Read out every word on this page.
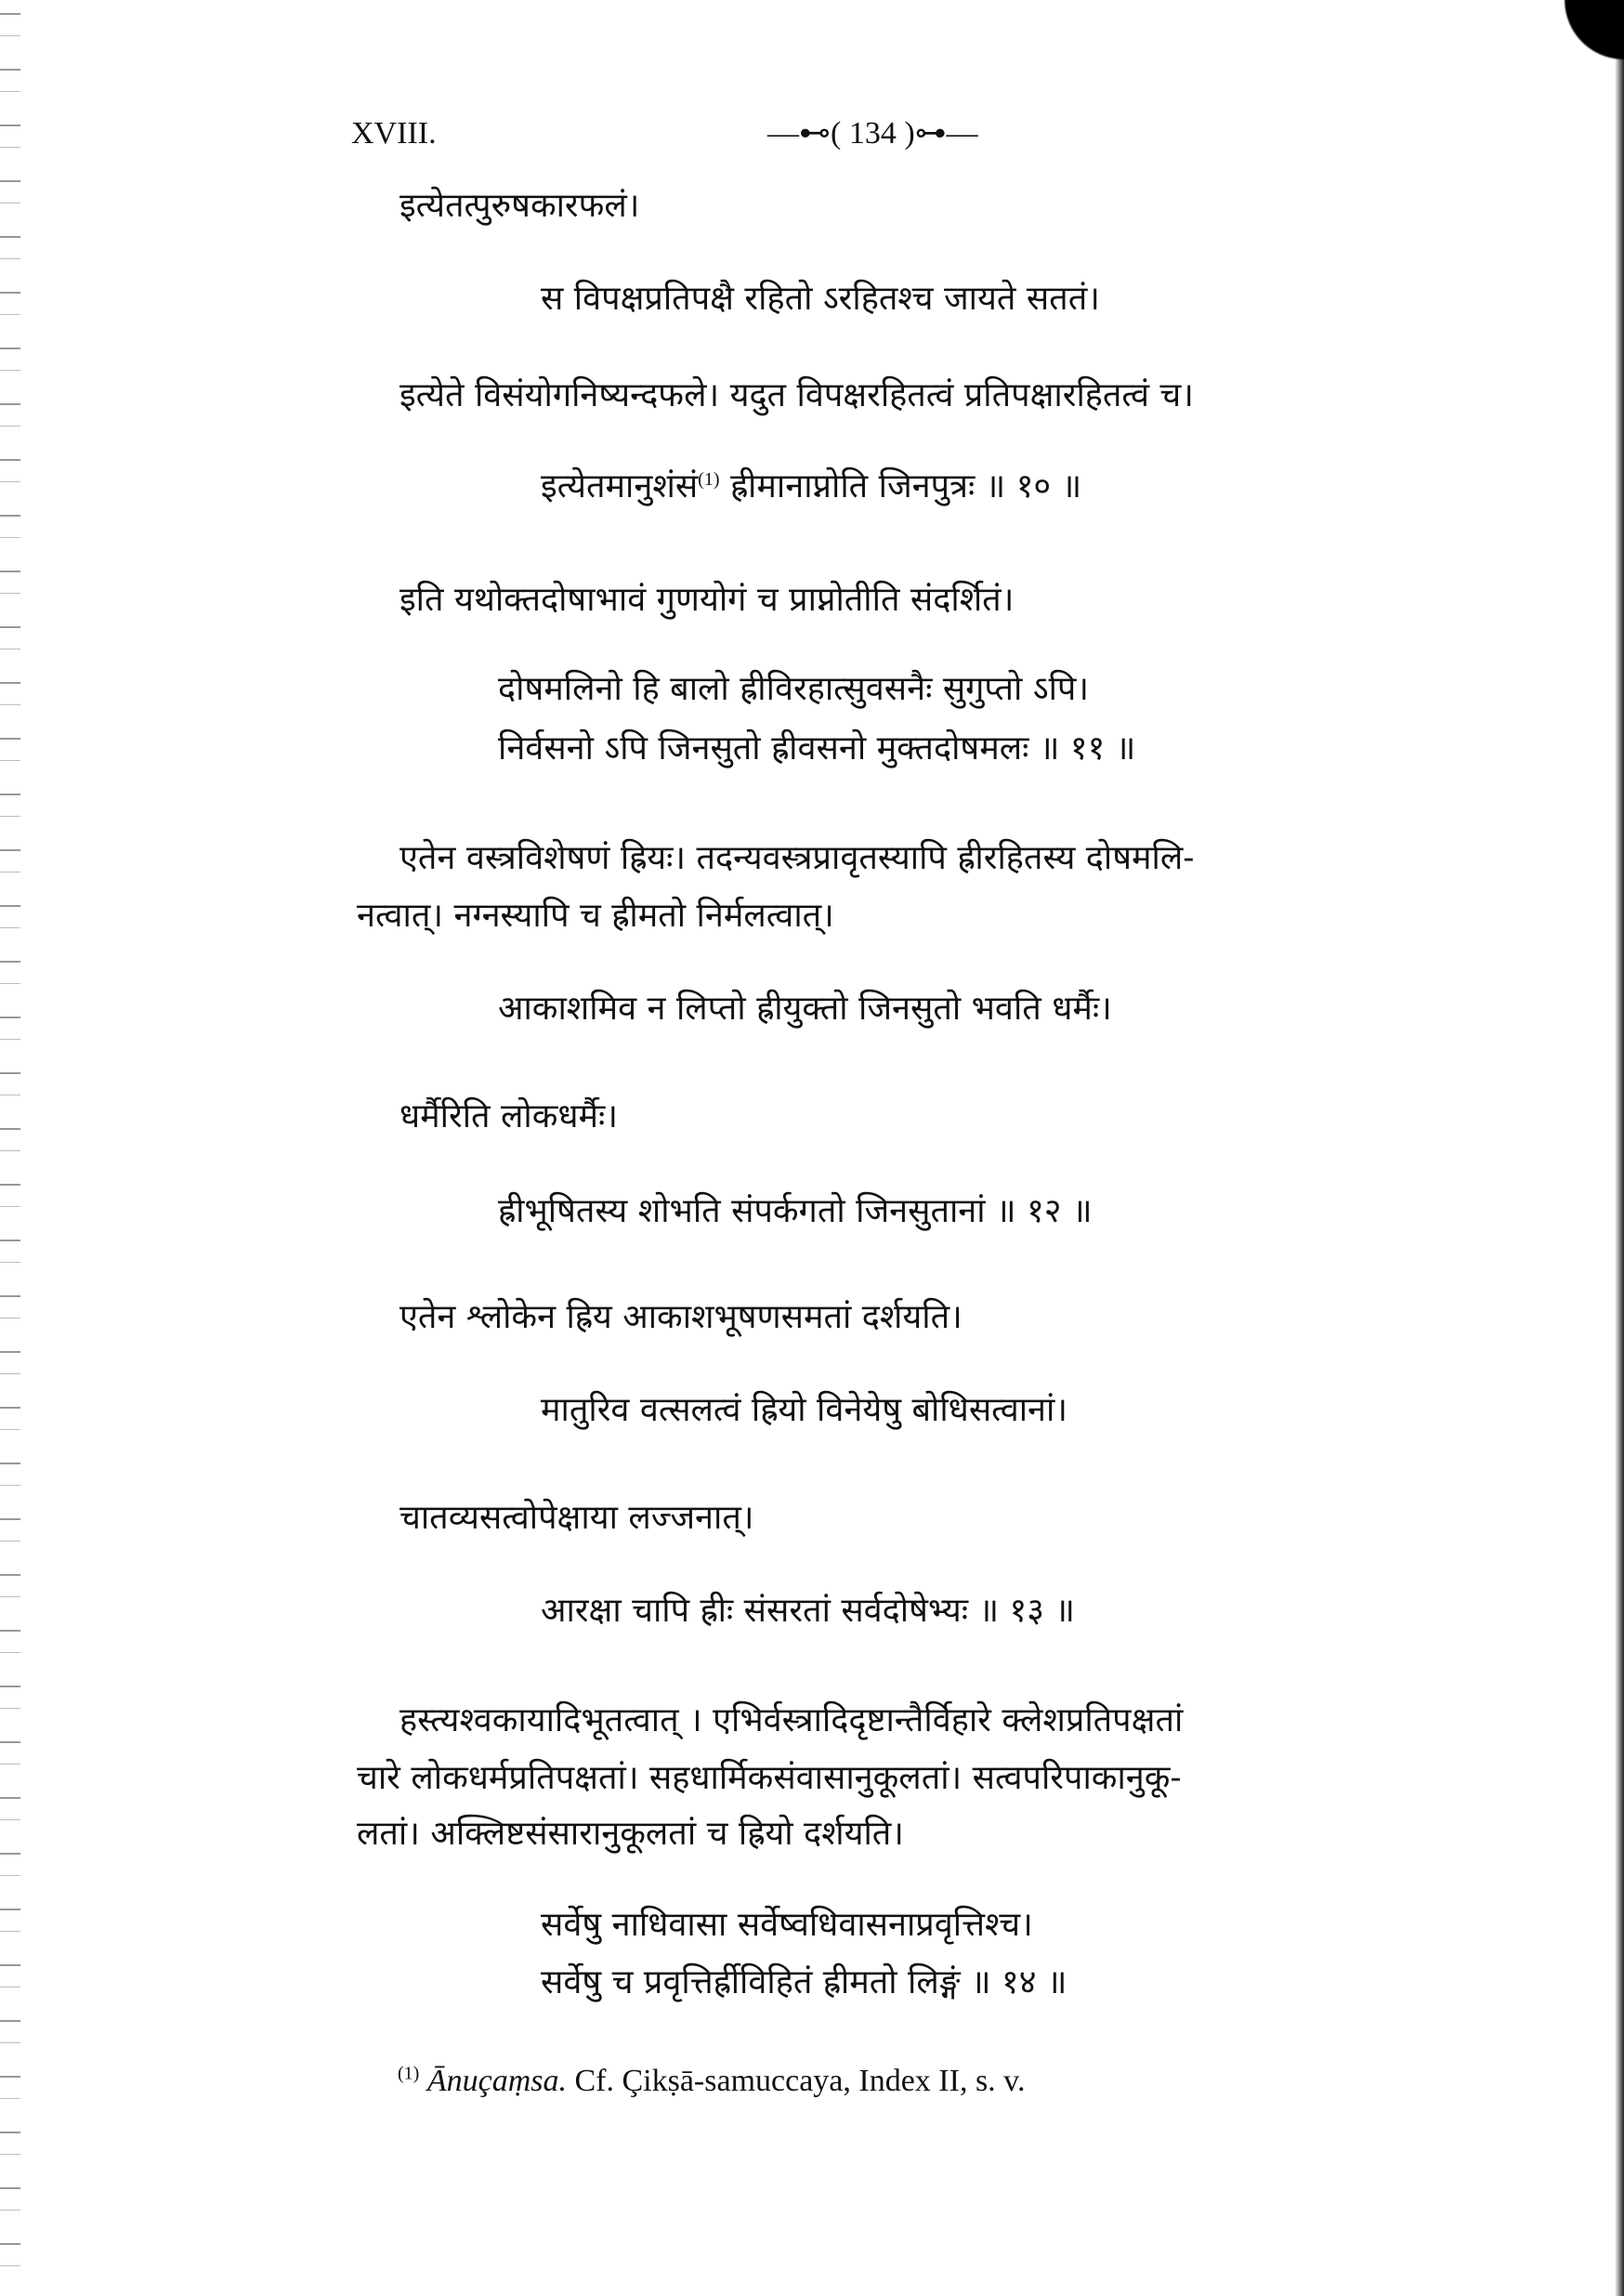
XVIII.	—⊷( 134 )⊶—
इत्येतत्पुरुषकारफलं।
स विपक्षप्रतिपक्षै रहितो ऽरहितश्च जायते सततं।
इत्येते विसंयोगनिष्यन्दफले। यदुत विपक्षरहितत्वं प्रतिपक्षारहितत्वं च।
इत्येतमानुशंसं$^{(1)}$ ह्रीमानाप्नोति जिनपुत्रः ॥ १० ॥
इति यथोक्तदोषाभावं गुणयोगं च प्राप्नोतीति संदर्शितं।
दोषमलिनो हि बालो ह्रीविरहात्सुवसनैः सुगुप्तो ऽपि।
निर्वसनो ऽपि जिनसुतो ह्रीवसनो मुक्तदोषमलः ॥ ११ ॥
एतेन वस्त्रविशेषणं ह्रियः। तदन्यवस्त्रप्रावृतस्यापि ह्रीरहितस्य दोषमलि-
नत्वात्। नग्नस्यापि च ह्रीमतो निर्मलत्वात्।
आकाशमिव न लिप्तो ह्रीयुक्तो जिनसुतो भवति धर्मैः।
धर्मैरिति लोकधर्मैः।
ह्रीभूषितस्य शोभति संपर्कगतो जिनसुतानां ॥ १२ ॥
एतेन श्लोकेन ह्रिय आकाशभूषणसमतां दर्शयति।
मातुरिव वत्सलत्वं ह्रियो विनेयेषु बोधिसत्वानां।
चातव्यसत्वोपेक्षाया लज्जनात्।
आरक्षा चापि ह्रीः संसरतां सर्वदोषेभ्यः ॥ १३ ॥
हस्त्यश्वकायादिभूतत्वात् । एभिर्वस्त्रादिदृष्टान्तैर्विहारे क्लेशप्रतिपक्षतां
चारे लोकधर्मप्रतिपक्षतां। सहधार्मिकसंवासानुकूलतां। सत्वपरिपाकानुकू-
लतां। अक्लिष्टसंसारानुकूलतां च ह्रियो दर्शयति।
सर्वेषु नाधिवासा सर्वेष्वधिवासनाप्रवृत्तिश्च।
सर्वेषु च प्रवृत्तिर्ह्रीविहितं ह्रीमतो लिङ्गं ॥ १४ ॥
$^{(1)}$ Ānuçaṃsa. Cf. Çikṣā-samuccaya, Index II, s. v.
